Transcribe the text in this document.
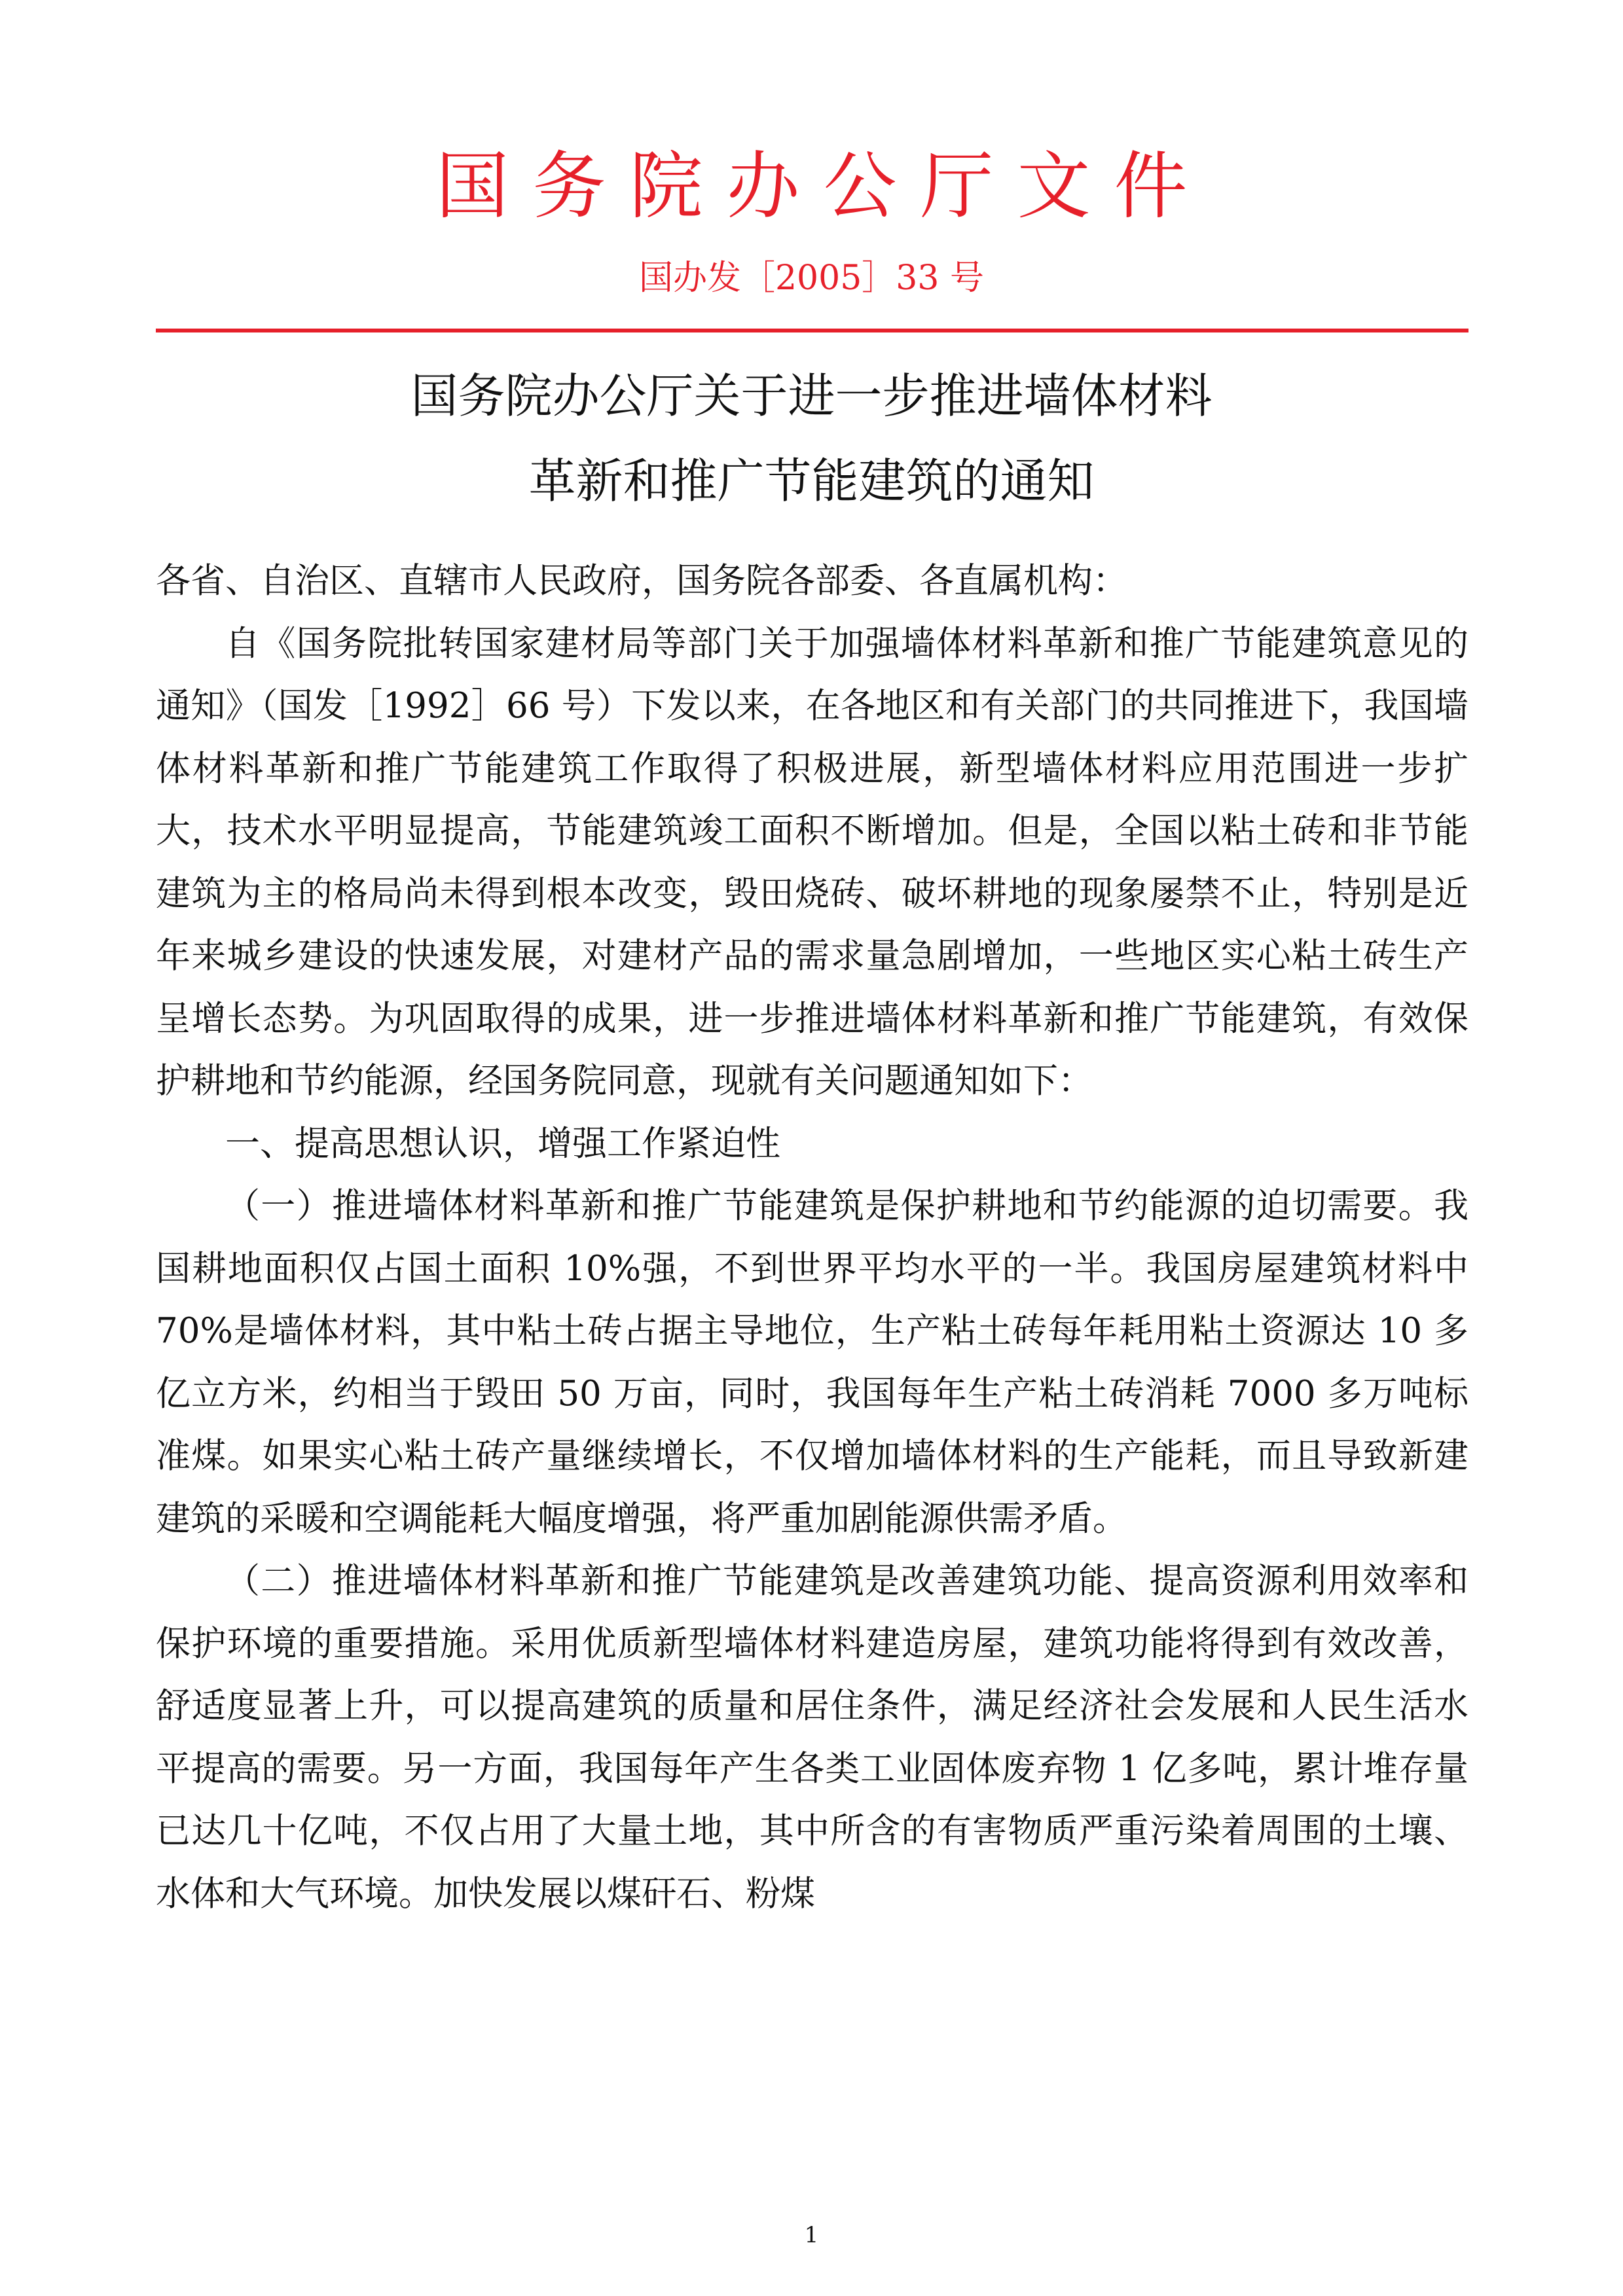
国务院办公厅文件
国办发［2005］33 号
国务院办公厅关于进一步推进墙体材料
革新和推广节能建筑的通知

各省、自治区、直辖市人民政府，国务院各部委、各直属机构：

自《国务院批转国家建材局等部门关于加强墙体材料革新和推广节能建筑意见的通知》（国发［1992］66 号）下发以来，在各地区和有关部门的共同推进下，我国墙体材料革新和推广节能建筑工作取得了积极进展，新型墙体材料应用范围进一步扩大，技术水平明显提高，节能建筑竣工面积不断增加。但是，全国以粘土砖和非节能建筑为主的格局尚未得到根本改变，毁田烧砖、破坏耕地的现象屡禁不止，特别是近年来城乡建设的快速发展，对建材产品的需求量急剧增加，一些地区实心粘土砖生产呈增长态势。为巩固取得的成果，进一步推进墙体材料革新和推广节能建筑，有效保护耕地和节约能源，经国务院同意，现就有关问题通知如下：

一、提高思想认识，增强工作紧迫性

（一）推进墙体材料革新和推广节能建筑是保护耕地和节约能源的迫切需要。我国耕地面积仅占国土面积 10%强，不到世界平均水平的一半。我国房屋建筑材料中 70%是墙体材料，其中粘土砖占据主导地位，生产粘土砖每年耗用粘土资源达 10 多亿立方米，约相当于毁田 50 万亩，同时，我国每年生产粘土砖消耗 7000 多万吨标准煤。如果实心粘土砖产量继续增长，不仅增加墙体材料的生产能耗，而且导致新建建筑的采暖和空调能耗大幅度增强，将严重加剧能源供需矛盾。

（二）推进墙体材料革新和推广节能建筑是改善建筑功能、提高资源利用效率和保护环境的重要措施。采用优质新型墙体材料建造房屋，建筑功能将得到有效改善，舒适度显著上升，可以提高建筑的质量和居住条件，满足经济社会发展和人民生活水平提高的需要。另一方面，我国每年产生各类工业固体废弃物 1 亿多吨，累计堆存量已达几十亿吨，不仅占用了大量土地，其中所含的有害物质严重污染着周围的土壤、水体和大气环境。加快发展以煤矸石、粉煤

1
